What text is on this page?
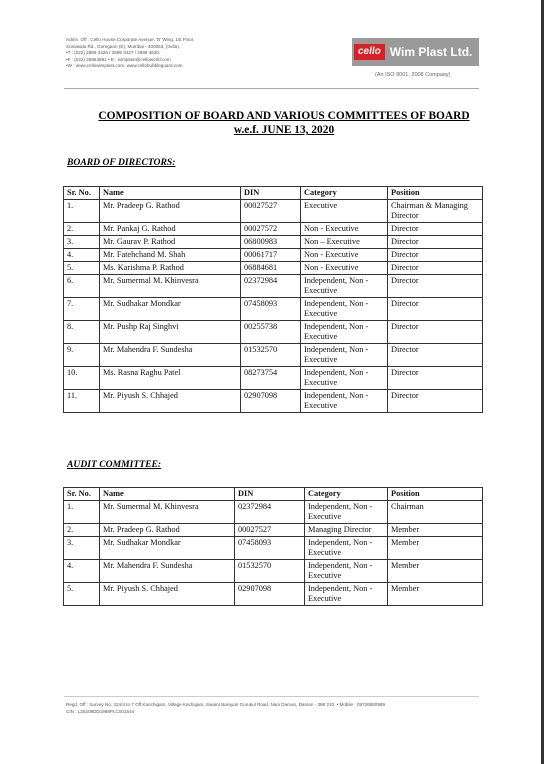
Admn. Off : Cello House,Corporate Avenue, 'B' Wing, 1st Floor,
Sonawala Rd., Goregaon (E), Mumbai - 400063, (India).
•T : (022) 2686 3426 / 2686 3427 / 2686 4630.
•F : (022) 26863681 • E : wimplast@celloworld.com
•W : www.cellowimplast.com, www.cellobubbleguard.com
cello Wim Plast Ltd.
(An ISO 9001: 2008 Company)
COMPOSITION OF BOARD AND VARIOUS COMMITTEES OF BOARD
w.e.f. JUNE 13, 2020
BOARD OF DIRECTORS:
Sr. No.	Name	DIN	Category	Position
1.	Mr. Pradeep G. Rathod	00027527	Executive	Chairman & Managing Director
2.	Mr. Pankaj G. Rathod	00027572	Non - Executive	Director
3.	Mr. Gaurav P. Rathod	06800983	Non – Executive	Director
4.	Mr. Fatehchand M. Shah	00061717	Non - Executive	Director
5.	Ms. Karishma P. Rathod	06884681	Non - Executive	Director
6.	Mr. Sumermal M. Khinvesra	02372984	Independent, Non - Executive	Director
7.	Mr. Sudhakar Mondkar	07458093	Independent, Non - Executive	Director
8.	Mr. Pushp Raj Singhvi	00255738	Independent, Non - Executive	Director
9.	Mr. Mahendra F. Sundesha	01532570	Independent, Non - Executive	Director
10.	Ms. Rasna Raghu Patel	08273754	Independent, Non - Executive	Director
11.	Mr. Piyush S. Chhajed	02907098	Independent, Non - Executive	Director
AUDIT COMMITTEE:
Sr. No.	Name	DIN	Category	Position
1.	Mr. Sumermal M. Khinvesra	02372984	Independent, Non - Executive	Chairman
2.	Mr. Pradeep G. Rathod	00027527	Managing Director	Member
3.	Mr. Sudhakar Mondkar	07458093	Independent, Non - Executive	Member
4.	Mr. Mahendra F. Sundesha	01532570	Independent, Non - Executive	Member
5.	Mr. Piyush S. Chhajed	02907098	Independent, Non - Executive	Member
Regd. Off : Survey No. 324/4 to 7 Off Kanchigam, Village Kachigam, Swami Narayan Gurukul Road, Nani Daman, Daman - 396 210. • Mobile : 09726850999
CIN : L25209DD1988PLC001544
